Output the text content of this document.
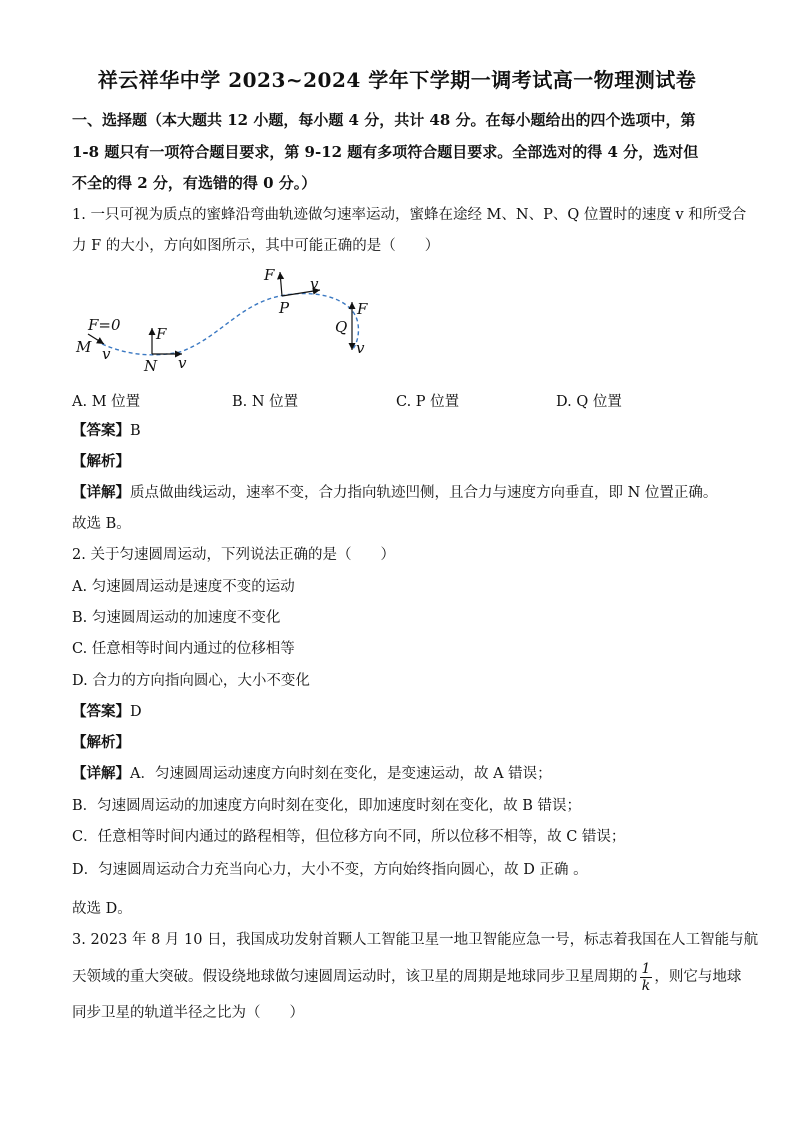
祥云祥华中学 2023~2024 学年下学期一调考试高一物理测试卷
一、选择题（本大题共 12 小题，每小题 4 分，共计 48 分。在每小题给出的四个选项中，第
1-8 题只有一项符合题目要求，第 9-12 题有多项符合题目要求。全部选对的得 4 分，选对但
不全的得 2 分，有选错的得 0 分。）
1. 一只可视为质点的蜜蜂沿弯曲轨迹做匀速率运动，蜜蜂在途经 M、N、P、Q 位置时的速度 v 和所受合
力 F 的大小，方向如图所示，其中可能正确的是（　　）
F=0
M v
F
N v
F
P
v
Q
F
v
A. M 位置	B. N 位置	C. P 位置	D. Q 位置
【答案】B
【解析】
【详解】质点做曲线运动，速率不变，合力指向轨迹凹侧，且合力与速度方向垂直，即 N 位置正确。
故选 B。
2. 关于匀速圆周运动，下列说法正确的是（　　）
A. 匀速圆周运动是速度不变的运动
B. 匀速圆周运动的加速度不变化
C. 任意相等时间内通过的位移相等
D. 合力的方向指向圆心，大小不变化
【答案】D
【解析】
【详解】A．匀速圆周运动速度方向时刻在变化，是变速运动，故 A 错误；
B．匀速圆周运动的加速度方向时刻在变化，即加速度时刻在变化，故 B 错误；
C．任意相等时间内通过的路程相等，但位移方向不同，所以位移不相等，故 C 错误；
D．匀速圆周运动合力充当向心力，大小不变，方向始终指向圆心，故 D 正确 。
故选 D。
3. 2023 年 8 月 10 日，我国成功发射首颗人工智能卫星一地卫智能应急一号，标志着我国在人工智能与航
天领域的重大突破。假设绕地球做匀速圆周运动时，该卫星的周期是地球同步卫星周期的 $\frac{1}{k}$ ，则它与地球
同步卫星的轨道半径之比为（　　）
